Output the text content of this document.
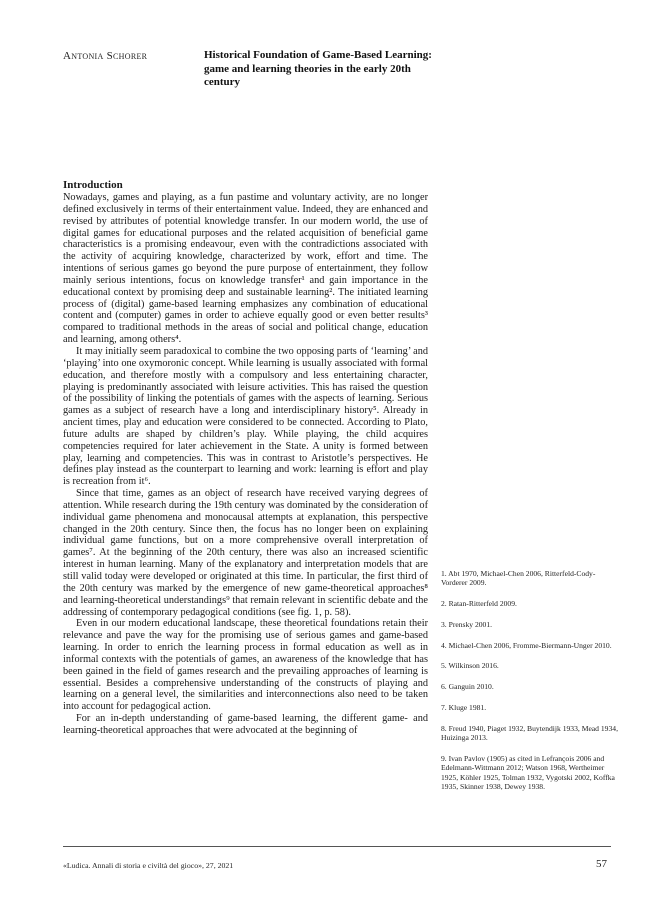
Antonia Schorer	Historical Foundation of Game-Based Learning: game and learning theories in the early 20th century
Introduction

Nowadays, games and playing, as a fun pastime and voluntary activity, are no longer defined exclusively in terms of their entertainment value. Indeed, they are enhanced and revised by attributes of potential knowledge transfer. In our modern world, the use of digital games for educational purposes and the related acquisition of beneficial game characteristics is a promising endeavour, even with the contradictions associated with the activity of acquiring knowledge, characterized by work, effort and time. The intentions of serious games go beyond the pure purpose of entertainment, they follow mainly serious intentions, focus on knowledge transfer¹ and gain importance in the educational context by promising deep and sustainable learning². The initiated learning process of (digital) game-based learning emphasizes any combination of educational content and (computer) games in order to achieve equally good or even better results³ compared to traditional methods in the areas of social and political change, education and learning, among others⁴.

It may initially seem paradoxical to combine the two opposing parts of ‘learning’ and ‘playing’ into one oxymoronic concept. While learning is usually associated with formal education, and therefore mostly with a compulsory and less entertaining character, playing is predominantly associated with leisure activities. This has raised the question of the possibility of linking the potentials of games with the aspects of learning. Serious games as a subject of research have a long and interdisciplinary history⁵. Already in ancient times, play and education were considered to be connected. According to Plato, future adults are shaped by children’s play. While playing, the child acquires competencies required for later achievement in the State. A unity is formed between play, learning and competencies. This was in contrast to Aristotle’s perspectives. He defines play instead as the counterpart to learning and work: learning is effort and play is recreation from it⁶.

Since that time, games as an object of research have received varying degrees of attention. While research during the 19th century was dominated by the consideration of individual game phenomena and monocausal attempts at explanation, this perspective changed in the 20th century. Since then, the focus has no longer been on explaining individual game functions, but on a more comprehensive overall interpretation of games⁷. At the beginning of the 20th century, there was also an increased scientific interest in human learning. Many of the explanatory and interpretation models that are still valid today were developed or originated at this time. In particular, the first third of the 20th century was marked by the emergence of new game-theoretical approaches⁸ and learning-theoretical understandings⁹ that remain relevant in scientific debate and the addressing of contemporary pedagogical conditions (see fig. 1, p. 58).

Even in our modern educational landscape, these theoretical foundations retain their relevance and pave the way for the promising use of serious games and game-based learning. In order to enrich the learning process in formal education as well as in informal contexts with the potentials of games, an awareness of the knowledge that has been gained in the field of games research and the prevailing approaches of learning is essential. Besides a comprehensive understanding of the constructs of playing and learning on a general level, the similarities and interconnections also need to be taken into account for pedagogical action.

For an in-depth understanding of game-based learning, the different game- and learning-theoretical approaches that were advocated at the beginning of

1. Abt 1970, Michael-Chen 2006, Ritterfeld-Cody-Vorderer 2009.

2. Ratan-Ritterfeld 2009.

3. Prensky 2001.

4. Michael-Chen 2006, Fromme-Biermann-Unger 2010.

5. Wilkinson 2016.

6. Ganguin 2010.

7. Kluge 1981.

8. Freud 1940, Piaget 1932, Buytendijk 1933, Mead 1934, Huizinga 2013.

9. Ivan Pavlov (1905) as cited in Lefrançois 2006 and Edelmann-Wittmann 2012; Watson 1968, Wertheimer 1925, Köhler 1925, Tolman 1932, Vygotski 2002, Koffka 1935, Skinner 1938, Dewey 1938.

«Ludica. Annali di storia e civiltà del gioco», 27, 2021	57
